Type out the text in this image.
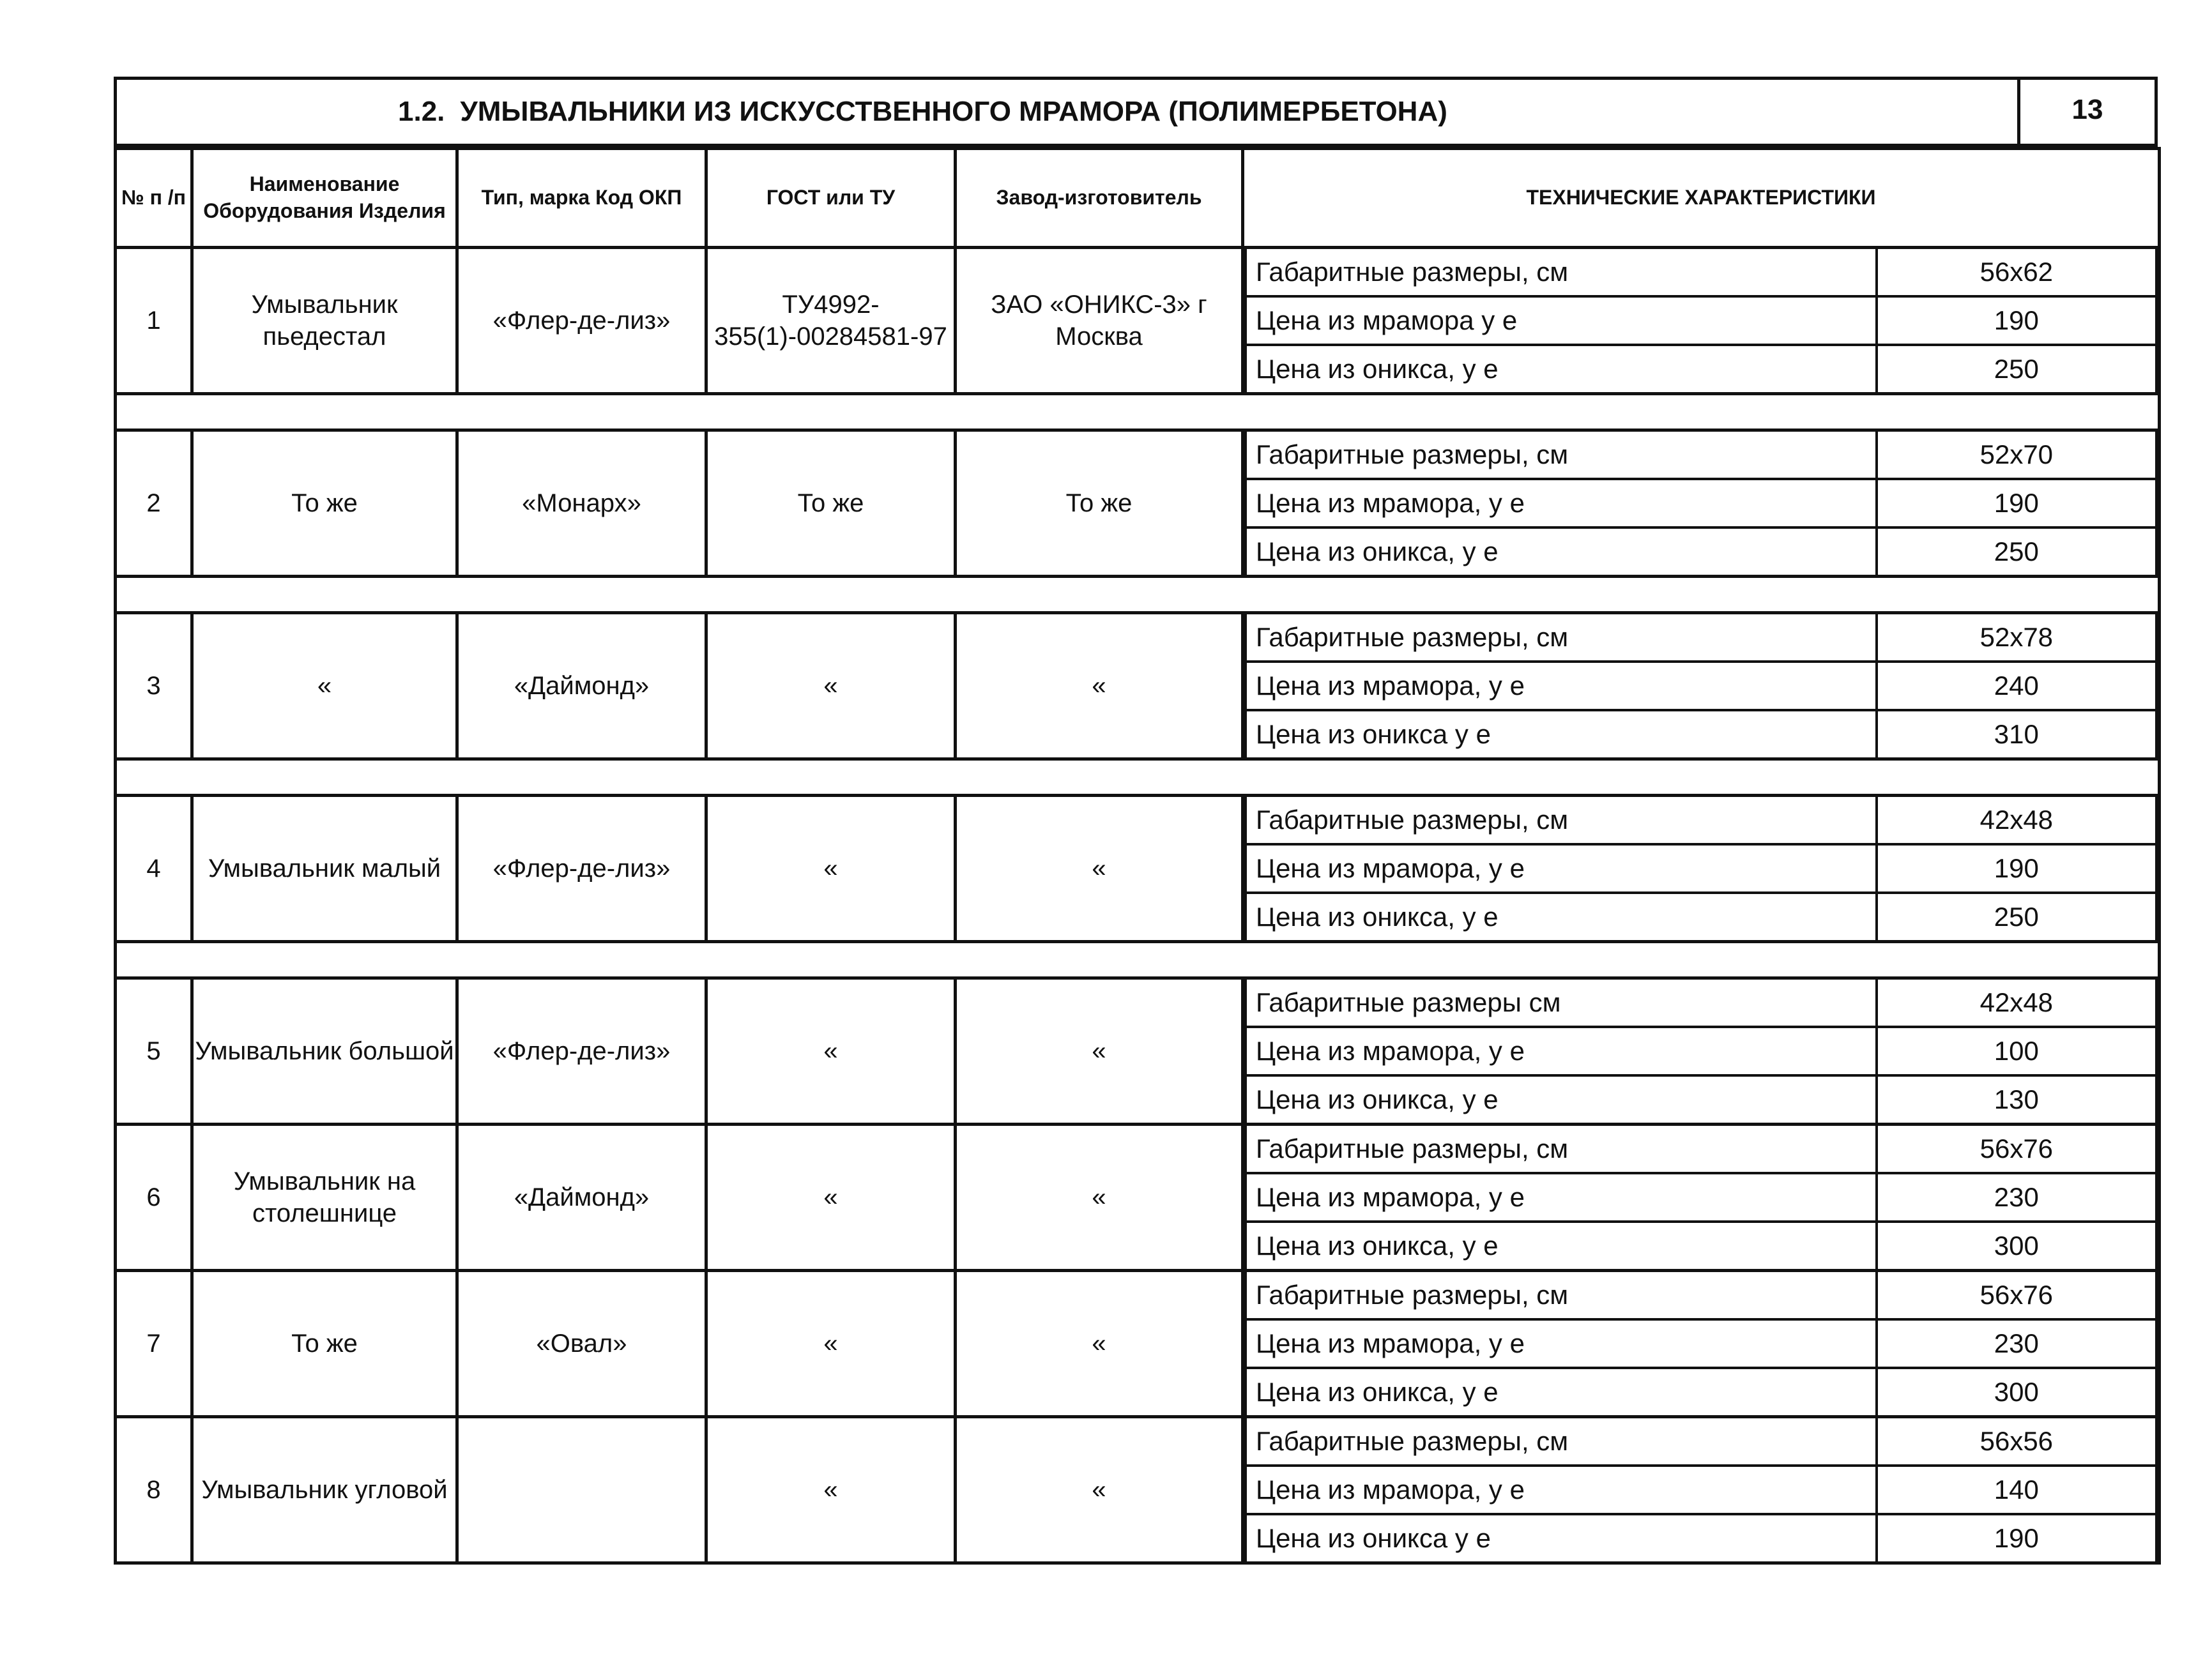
1.2. УМЫВАЛЬНИКИ ИЗ ИСКУССТВЕННОГО МРАМОРА (ПОЛИМЕРБЕТОНА)	13
№ п /п	Наименование Оборудования Изделия	Тип, марка Код ОКП	ГОСТ или ТУ	Завод-изготовитель	ТЕХНИЧЕСКИЕ ХАРАКТЕРИСТИКИ
1	Умывальник пьедестал	«Флер-де-лиз»	ТУ4992-355(1)-00284581-97	ЗАО «ОНИКС-3» г Москва	
Габаритные размеры, см	56х62
Цена из мрамора у е	190
Цена из оникса, у е	250

2	То же	«Монарх»	То же	То же	
Габаритные размеры, см	52х70
Цена из мрамора, у е	190
Цена из оникса, у е	250

3	«	«Даймонд»	«	«	
Габаритные размеры, см	52х78
Цена из мрамора, у е	240
Цена из оникса у е	310

4	Умывальник малый	«Флер-де-лиз»	«	«	
Габаритные размеры, см	42х48
Цена из мрамора, у е	190
Цена из оникса, у е	250

5	Умывальник большой	«Флер-де-лиз»	«	«	
Габаритные размеры см	42х48
Цена из мрамора, у е	100
Цена из оникса, у е	130

6	Умывальник на столешнице	«Даймонд»	«	«	
Габаритные размеры, см	56х76
Цена из мрамора, у е	230
Цена из оникса, у е	300

7	То же	«Овал»	«	«	
Габаритные размеры, см	56х76
Цена из мрамора, у е	230
Цена из оникса, у е	300

8	Умывальник угловой		«	«	
Габаритные размеры, см	56х56
Цена из мрамора, у е	140
Цена из оникса у е	190
